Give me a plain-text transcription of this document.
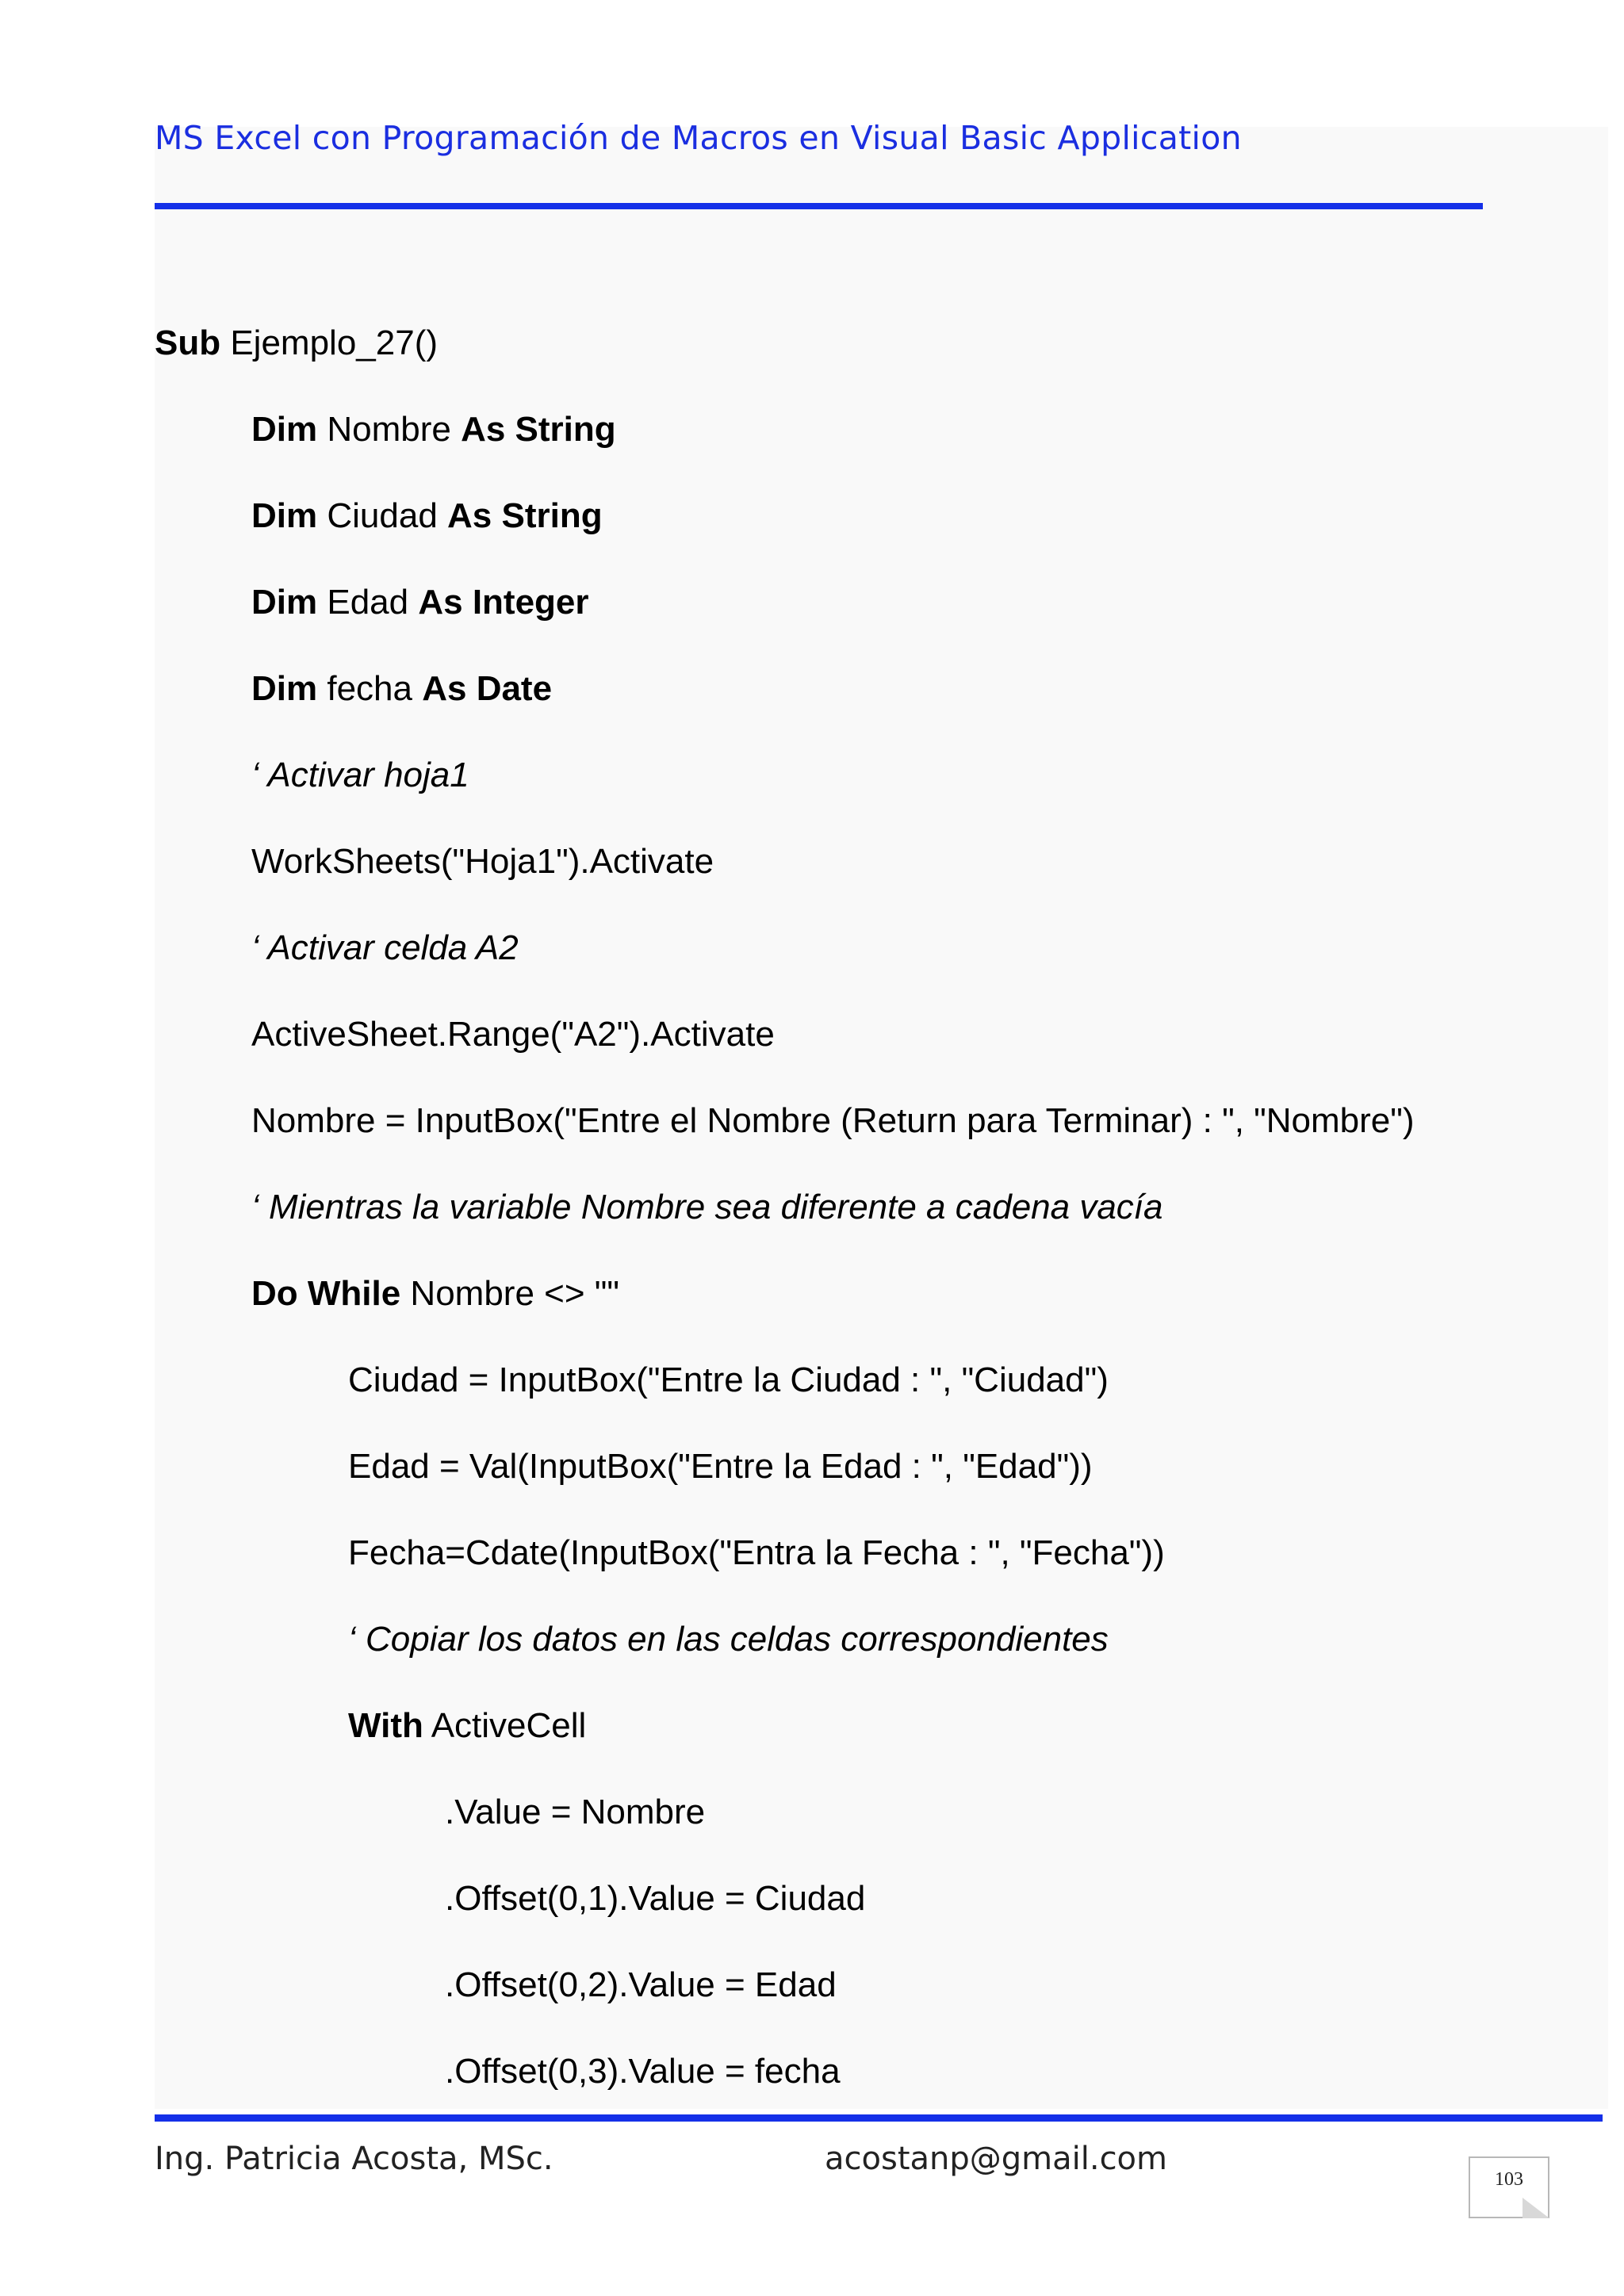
MS Excel con Programación de Macros en Visual Basic Application
Sub Ejemplo_27()
Dim Nombre As String
Dim Ciudad As String
Dim Edad As Integer
Dim fecha As Date
‘ Activar hoja1
WorkSheets("Hoja1").Activate
‘ Activar celda A2
ActiveSheet.Range("A2").Activate
Nombre = InputBox("Entre el Nombre (Return para Terminar) : ", "Nombre")
‘ Mientras la variable Nombre sea diferente a cadena vacía
Do While Nombre <> ""
Ciudad = InputBox("Entre la Ciudad : ", "Ciudad")
Edad = Val(InputBox("Entre la Edad : ", "Edad"))
Fecha=Cdate(InputBox("Entra la Fecha : ", "Fecha"))
‘ Copiar los datos en las celdas correspondientes
With ActiveCell
.Value = Nombre
.Offset(0,1).Value = Ciudad
.Offset(0,2).Value = Edad
.Offset(0,3).Value = fecha
Ing. Patricia Acosta, MSc.	acostanp@gmail.com
103
